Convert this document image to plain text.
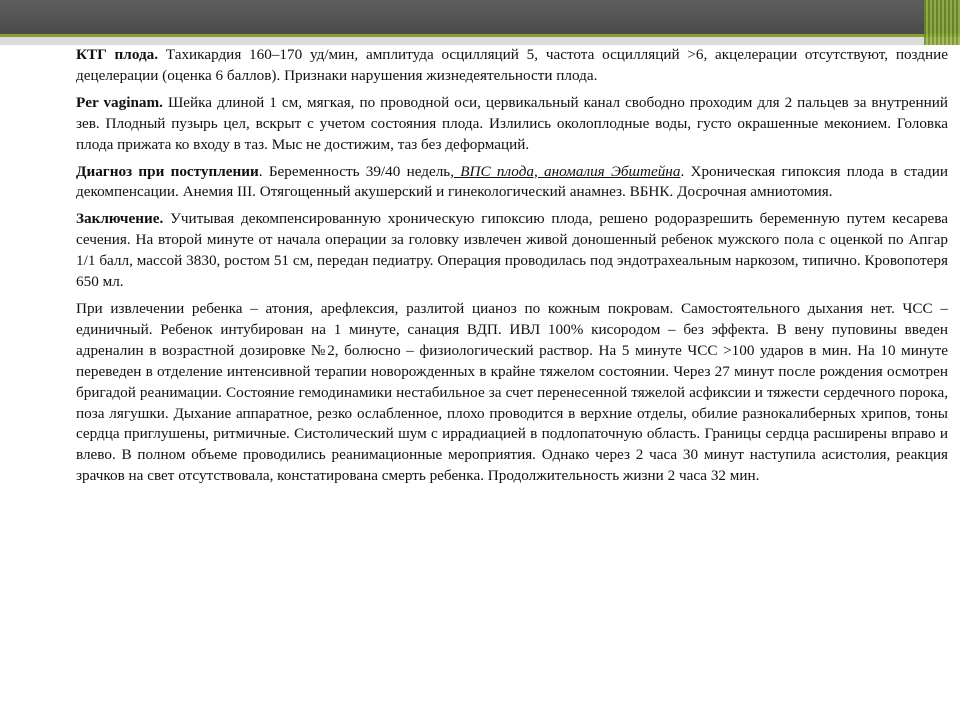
КТГ плода. Тахикардия 160–170 уд/мин, амплитуда осцилляций 5, частота осцилляций >6, акцелерации отсутствуют, поздние децелерации (оценка 6 баллов). Признаки нарушения жизнедеятельности плода.

Per vaginam. Шейка длиной 1 см, мягкая, по проводной оси, цервикальный канал свободно проходим для 2 пальцев за внутренний зев. Плодный пузырь цел, вскрыт с учетом состояния плода. Излились околоплодные воды, густо окрашенные меконием. Головка плода прижата ко входу в таз. Мыс не достижим, таз без деформаций.

Диагноз при поступлении. Беременность 39/40 недель, ВПС плода, аномалия Эбштейна. Хроническая гипоксия плода в стадии декомпенсации. Анемия III. Отягощенный акушерский и гинекологический анамнез. ВБНК. Досрочная амниотомия.

Заключение. Учитывая декомпенсированную хроническую гипоксию плода, решено родоразрешить беременную путем кесарева сечения. На второй минуте от начала операции за головку извлечен живой доношенный ребенок мужского пола с оценкой по Апгар 1/1 балл, массой 3830, ростом 51 см, передан педиатру. Операция проводилась под эндотрахеальным наркозом, типично. Кровопотеря 650 мл.

При извлечении ребенка – атония, арефлексия, разлитой цианоз по кожным покровам. Самостоятельного дыхания нет. ЧСС – единичный. Ребенок интубирован на 1 минуте, санация ВДП. ИВЛ 100% кисородом – без эффекта. В вену пуповины введен адреналин в возрастной дозировке №2, болюсно – физиологический раствор. На 5 минуте ЧСС >100 ударов в мин. На 10 минуте переведен в отделение интенсивной терапии новорожденных в крайне тяжелом состоянии. Через 27 минут после рождения осмотрен бригадой реанимации. Состояние гемодинамики нестабильное за счет перенесенной тяжелой асфиксии и тяжести сердечного порока, поза лягушки. Дыхание аппаратное, резко ослабленное, плохо проводится в верхние отделы, обилие разнокалиберных хрипов, тоны сердца приглушены, ритмичные. Систолический шум с иррадиацией в подлопаточную область. Границы сердца расширены вправо и влево. В полном объеме проводились реанимационные мероприятия. Однако через 2 часа 30 минут наступила асистолия, реакция зрачков на свет отсутствовала, констатирована смерть ребенка. Продолжительность жизни 2 часа 32 мин.
